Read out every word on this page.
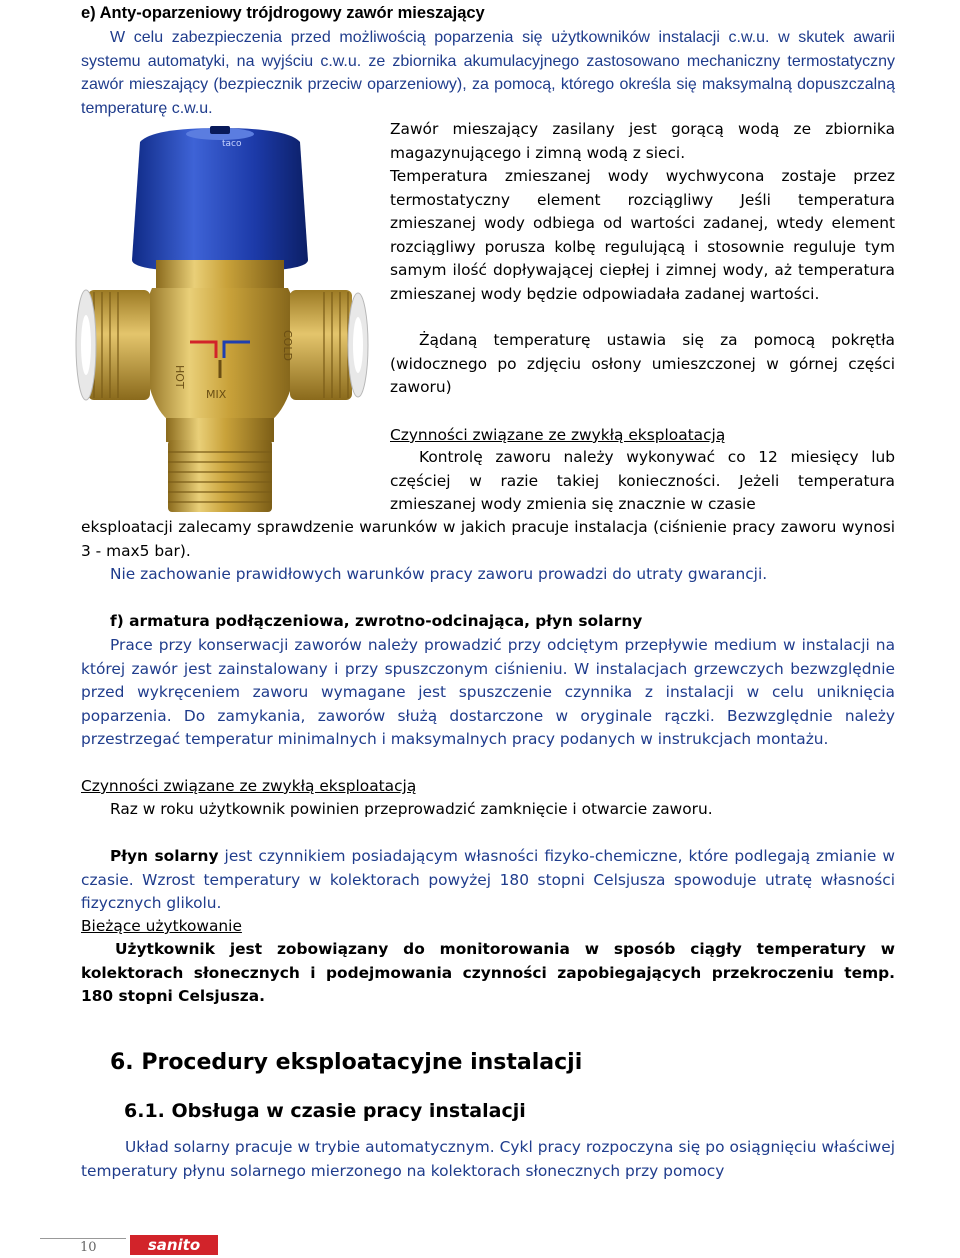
e) Anty-oparzeniowy trójdrogowy zawór mieszający

W celu zabezpieczenia przed możliwością poparzenia się użytkowników instalacji c.w.u. w skutek awarii systemu automatyki, na wyjściu c.w.u. ze zbiornika akumulacyjnego zastosowano mechaniczny termostatyczny zawór mieszający (bezpiecznik przeciw oparzeniowy), za pomocą, którego określa się maksymalną dopuszczalną temperaturę c.w.u.

taco
HOT
COLD
MIX

Zawór mieszający zasilany jest gorącą wodą ze zbiornika magazynującego i zimną wodą z sieci.

Temperatura zmieszanej wody wychwycona zostaje przez termostatyczny element rozciągliwy Jeśli temperatura zmieszanej wody odbiega od wartości zadanej, wtedy element rozciągliwy porusza kolbę regulującą i stosownie reguluje tym samym ilość dopływającej ciepłej i zimnej wody, aż temperatura zmieszanej wody będzie odpowiadała zadanej wartości.

Żądaną temperaturę ustawia się za pomocą pokrętła (widocznego po zdjęciu osłony umieszczonej w górnej części zaworu)

Czynności związane ze zwykłą eksploatacją

Kontrolę zaworu należy wykonywać co 12 miesięcy lub częściej w razie takiej konieczności. Jeżeli temperatura zmieszanej wody zmienia się znacznie w czasie

eksploatacji zalecamy sprawdzenie warunków w jakich pracuje instalacja (ciśnienie pracy zaworu wynosi 3 - max5 bar).

Nie zachowanie prawidłowych warunków pracy zaworu prowadzi do utraty gwarancji.

f) armatura podłączeniowa, zwrotno-odcinająca, płyn solarny

Prace przy konserwacji zaworów należy prowadzić przy odciętym przepływie medium w instalacji na której zawór jest zainstalowany i przy spuszczonym ciśnieniu. W instalacjach grzewczych bezwzględnie przed wykręceniem zaworu wymagane jest spuszczenie czynnika z instalacji w celu uniknięcia poparzenia. Do zamykania, zaworów służą dostarczone w oryginale rączki. Bezwzględnie należy przestrzegać temperatur minimalnych i maksymalnych pracy podanych w instrukcjach montażu.

Czynności związane ze zwykłą eksploatacją

Raz w roku użytkownik powinien przeprowadzić zamknięcie i otwarcie zaworu.

Płyn solarny jest czynnikiem posiadającym własności fizyko-chemiczne, które podlegają zmianie w czasie. Wzrost temperatury w kolektorach powyżej 180 stopni Celsjusza spowoduje utratę własności fizycznych glikolu.

Bieżące użytkowanie

Użytkownik jest zobowiązany do monitorowania w sposób ciągły temperatury w kolektorach słonecznych i podejmowania czynności zapobiegających przekroczeniu temp. 180 stopni Celsjusza.

6. Procedury eksploatacyjne instalacji
6.1. Obsługa w czasie pracy instalacji

Układ solarny pracuje w trybie automatycznym. Cykl pracy rozpoczyna się po osiągnięciu właściwej temperatury płynu solarnego mierzonego na kolektorach słonecznych przy pomocy

10	sanito
